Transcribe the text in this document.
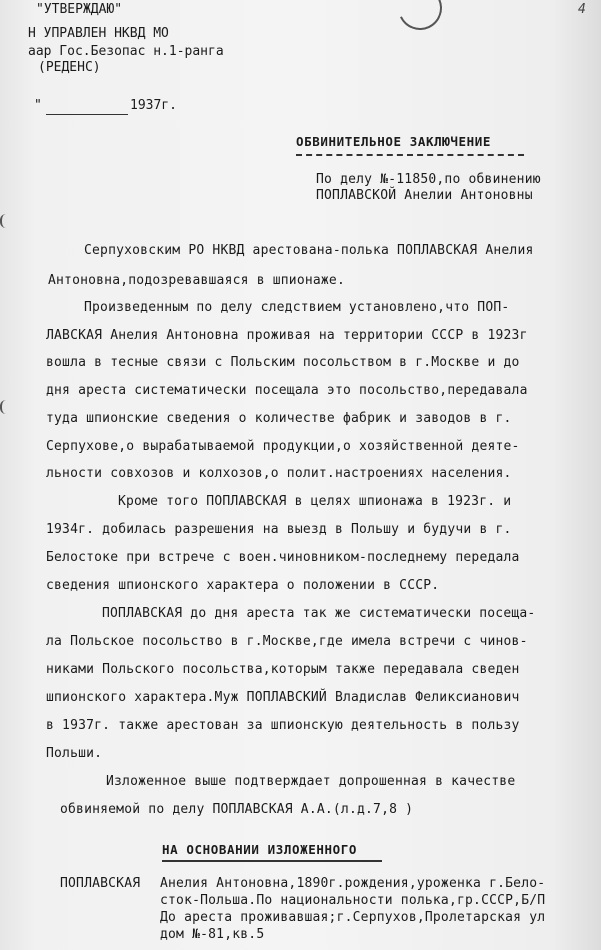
"УТВЕРЖДАЮ"
Н УПРАВЛЕН НКВД МО
аар Гос.Безопас н.1-ранга
(РЕДЕНС)
4
"	1937г.
ОБВИНИТЕЛЬНОЕ ЗАКЛЮЧЕНИЕ
По делу №-11850,по обвинению
ПОПЛАВСКОЙ Анелии Антоновны
Серпуховским РО НКВД арестована-полька ПОПЛАВСКАЯ Анелия
Антоновна,подозревавшаяся в шпионаже.
Произведенным по делу следствием установлено,что ПОП-
ЛАВСКАЯ Анелия Антоновна проживая на территории СССР в 1923г
вошла в тесные связи с Польским посольством в г.Москве и до
дня ареста систематически посещала это посольство,передавала
туда шпионские сведения о количестве фабрик и заводов в г.
Серпухове,о вырабатываемой продукции,о хозяйственной деяте-
льности совхозов и колхозов,о полит.настроениях населения.
Кроме того ПОПЛАВСКАЯ в целях шпионажа в 1923г. и
1934г. добилась разрешения на выезд в Польшу и будучи в г.
Белостоке при встрече с воен.чиновником-последнему передала
сведения шпионского характера о положении в СССР.
ПОПЛАВСКАЯ до дня ареста так же систематически посеща-
ла Польское посольство в г.Москве,где имела встречи с чинов-
никами Польского посольства,которым также передавала сведен
шпионского характера.Муж ПОПЛАВСКИЙ Владислав Феликсианович
в 1937г. также арестован за шпионскую деятельность в пользу
Польши.
Изложенное выше подтверждает допрошенная в качестве
обвиняемой по делу ПОПЛАВСКАЯ А.А.(л.д.7,8 )
НА ОСНОВАНИИ ИЗЛОЖЕННОГО
ПОПЛАВСКАЯ Анелия Антоновна,1890г.рождения,уроженка г.Бело-
сток-Польша.По национальности полька,гр.СССР,Б/П
До ареста проживавшая;г.Серпухов,Пролетарская ул
дом №-81,кв.5
